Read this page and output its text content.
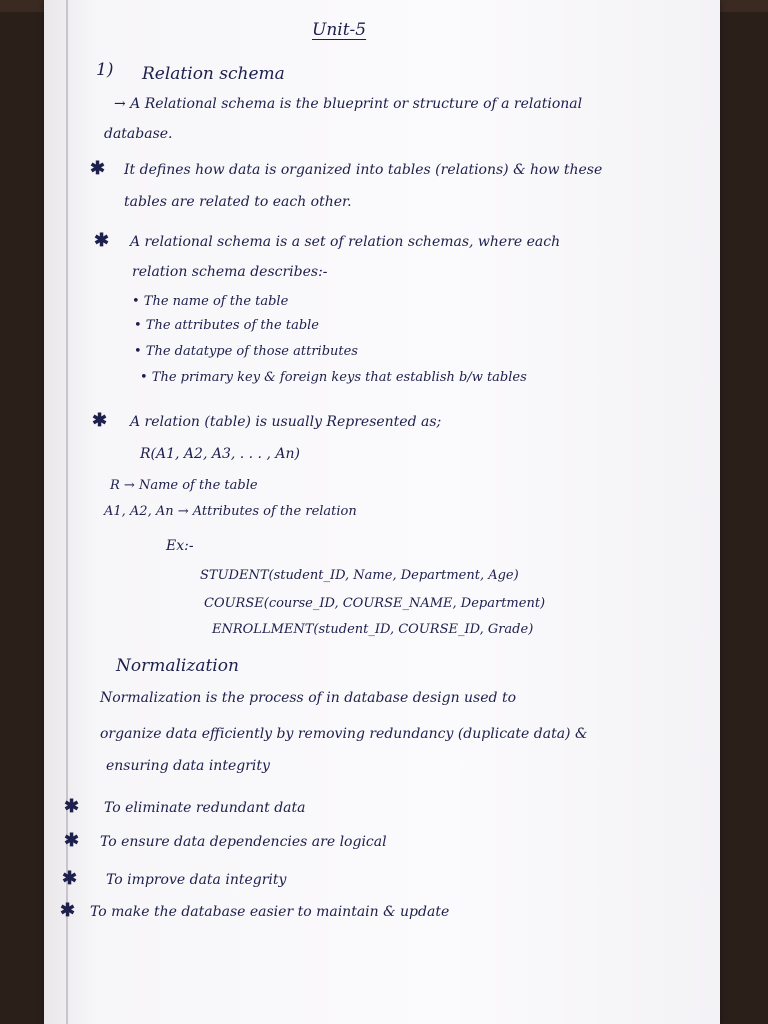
Unit-5
1) Relation schema
→ A Relational schema is the blueprint or structure of a relational
database.
✱ It defines how data is organized into tables (relations) & how these
tables are related to each other.
✱ A relational schema is a set of relation schemas, where each
relation schema describes:-
• The name of the table
• The attributes of the table
• The datatype of those attributes
• The primary key & foreign keys that establish b/w tables
✱ A relation (table) is usually Represented as;
R(A1, A2, A3, . . . , An)
R → Name of the table
A1, A2, An → Attributes of the relation
Ex:-
STUDENT(student_ID, Name, Department, Age)
COURSE(course_ID, COURSE_NAME, Department)
ENROLLMENT(student_ID, COURSE_ID, Grade)
Normalization
Normalization is the process of in database design used to
organize data efficiently by removing redundancy (duplicate data) &
ensuring data integrity
✱ To eliminate redundant data
✱ To ensure data dependencies are logical
✱ To improve data integrity
✱ To make the database easier to maintain & update
